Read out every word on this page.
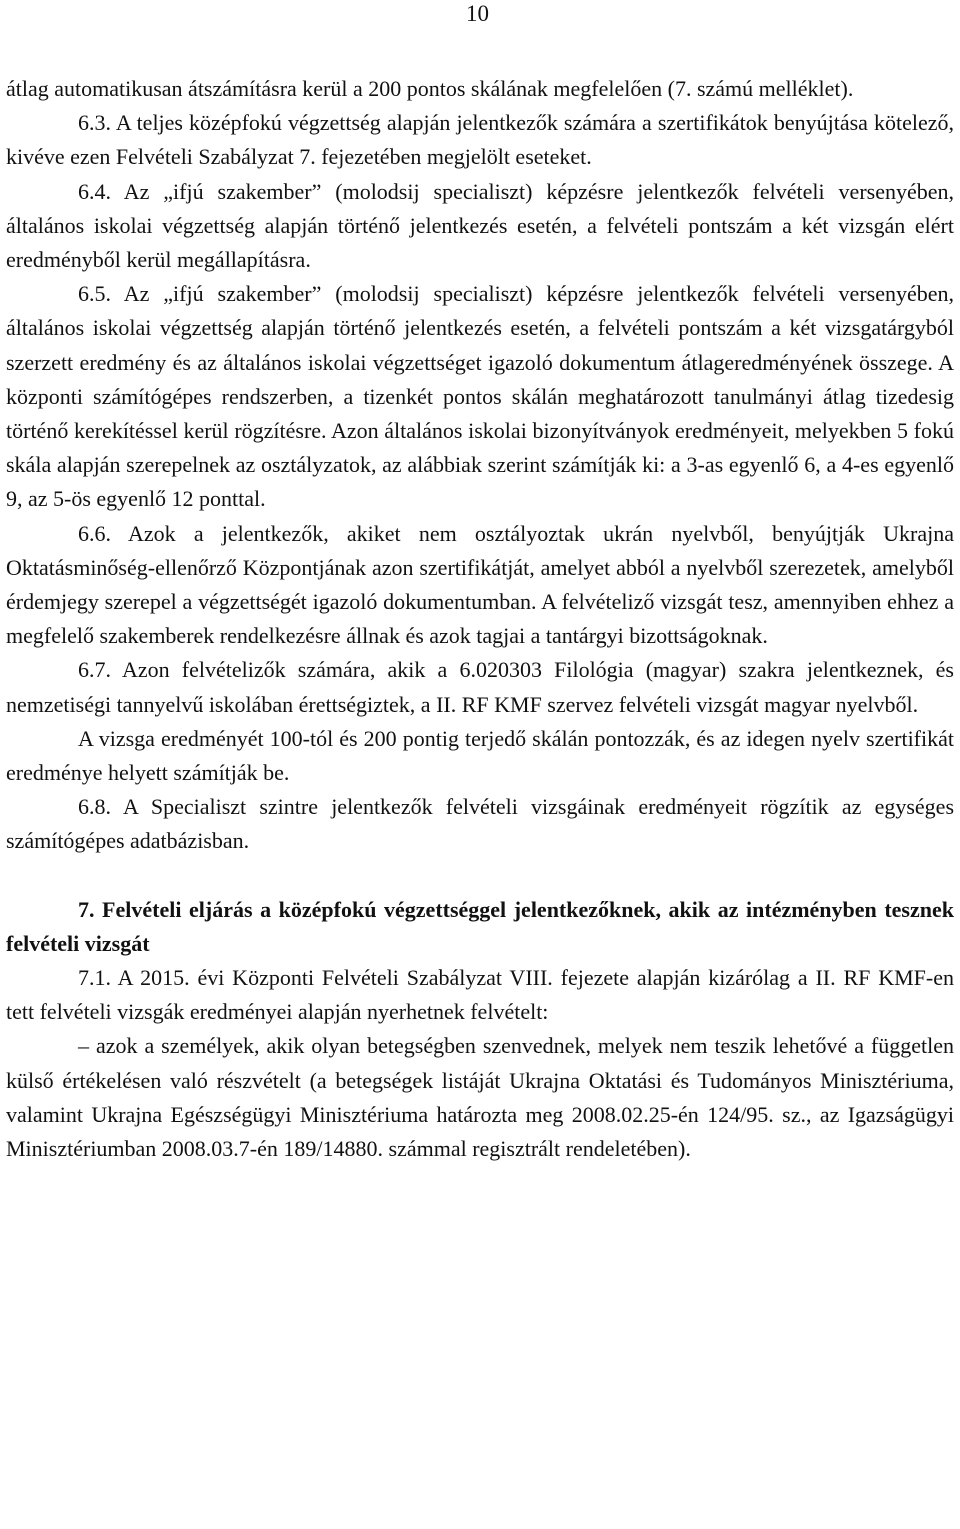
10

átlag automatikusan átszámításra kerül a 200 pontos skálának megfelelően (7. számú melléklet).

6.3. A teljes középfokú végzettség alapján jelentkezők számára a szertifikátok benyújtása kötelező, kivéve ezen Felvételi Szabályzat 7. fejezetében megjelölt eseteket.

6.4. Az „ifjú szakember” (molodsij specialiszt) képzésre jelentkezők felvételi versenyében, általános iskolai végzettség alapján történő jelentkezés esetén, a felvételi pontszám a két vizsgán elért eredményből kerül megállapításra.

6.5. Az „ifjú szakember” (molodsij specialiszt) képzésre jelentkezők felvételi versenyében, általános iskolai végzettség alapján történő jelentkezés esetén, a felvételi pontszám a két vizsgatárgyból szerzett eredmény és az általános iskolai végzettséget igazoló dokumentum átlageredményének összege. A központi számítógépes rendszerben, a tizenkét pontos skálán meghatározott tanulmányi átlag tizedesig történő kerekítéssel kerül rögzítésre. Azon általános iskolai bizonyítványok eredményeit, melyekben 5 fokú skála alapján szerepelnek az osztályzatok, az alábbiak szerint számítják ki: a 3-as egyenlő 6, a 4-es egyenlő 9, az 5-ös egyenlő 12 ponttal.

6.6. Azok a jelentkezők, akiket nem osztályoztak ukrán nyelvből, benyújtják Ukrajna Oktatásminőség-ellenőrző Központjának azon szertifikátját, amelyet abból a nyelvből szerezetek, amelyből érdemjegy szerepel a végzettségét igazoló dokumentumban. A felvételiző vizsgát tesz, amennyiben ehhez a megfelelő szakemberek rendelkezésre állnak és azok tagjai a tantárgyi bizottságoknak.

6.7. Azon felvételizők számára, akik a 6.020303 Filológia (magyar) szakra jelentkeznek, és nemzetiségi tannyelvű iskolában érettségiztek, a II. RF KMF szervez felvételi vizsgát magyar nyelvből.

A vizsga eredményét 100-tól és 200 pontig terjedő skálán pontozzák, és az idegen nyelv szertifikát eredménye helyett számítják be.

6.8. A Specialiszt szintre jelentkezők felvételi vizsgáinak eredményeit rögzítik az egységes számítógépes adatbázisban.

7. Felvételi eljárás a középfokú végzettséggel jelentkezőknek, akik az intézményben tesznek felvételi vizsgát

7.1. A 2015. évi Központi Felvételi Szabályzat VIII. fejezete alapján kizárólag a II. RF KMF-en tett felvételi vizsgák eredményei alapján nyerhetnek felvételt:

– azok a személyek, akik olyan betegségben szenvednek, melyek nem teszik lehetővé a független külső értékelésen való részvételt (a betegségek listáját Ukrajna Oktatási és Tudományos Minisztériuma, valamint Ukrajna Egészségügyi Minisztériuma határozta meg 2008.02.25-én 124/95. sz., az Igazságügyi Minisztériumban 2008.03.7-én 189/14880. számmal regisztrált rendeletében).
